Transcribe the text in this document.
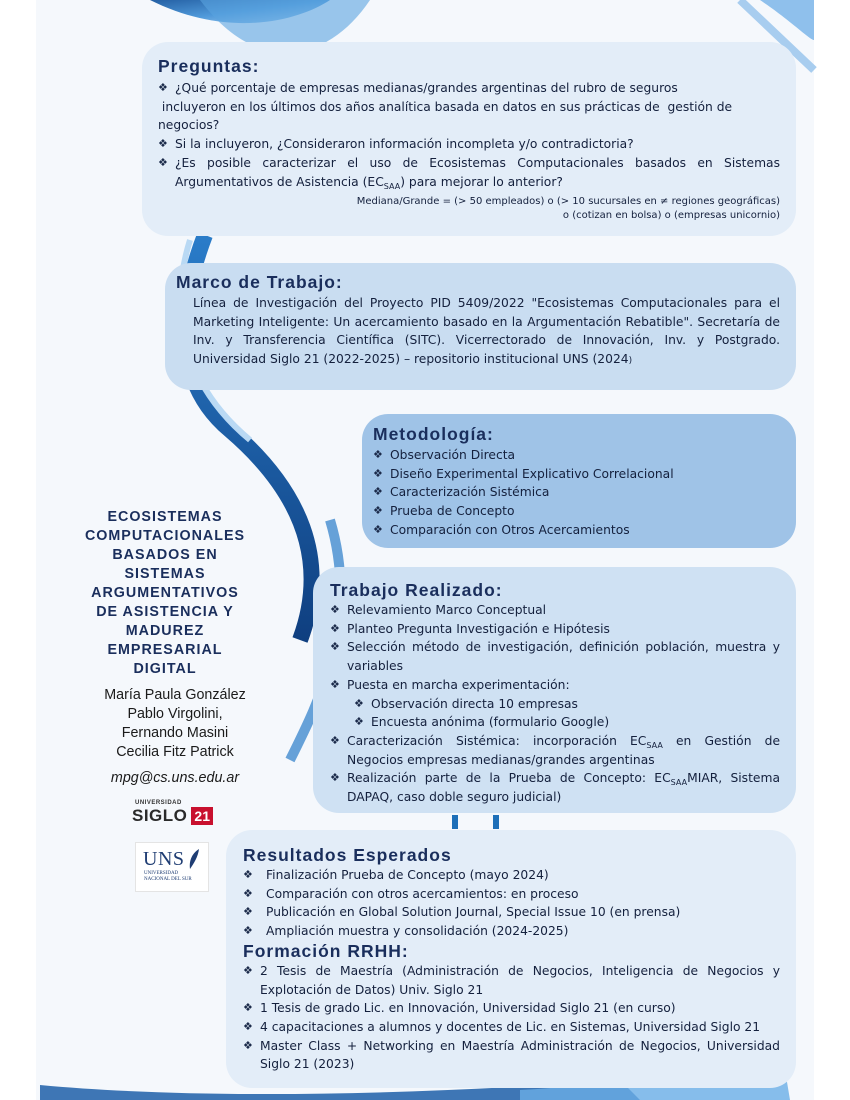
Preguntas:
❖ ¿Qué porcentaje de empresas medianas/grandes argentinas del rubro de seguros
incluyeron en los últimos dos años analítica basada en datos en sus prácticas de  gestión de
negocios?
❖ Si la incluyeron, ¿Consideraron información incompleta y/o contradictoria?
❖ ¿Es posible caracterizar el uso de Ecosistemas Computacionales basados en Sistemas Argumentativos de Asistencia $(EC_{SAA})$ para mejorar lo anterior?
Mediana/Grande = (> 50 empleados) o (> 10 sucursales en ≠ regiones geográficas)
o (cotizan en bolsa) o (empresas unicornio)
Marco de Trabajo:
Línea de Investigación del Proyecto PID 5409/2022 "Ecosistemas Computacionales para el Marketing Inteligente: Un acercamiento basado en la Argumentación Rebatible". Secretaría de Inv. y Transferencia Científica (SITC). Vicerrectorado de Innovación, Inv. y Postgrado. Universidad Siglo 21 (2022-2025) – repositorio institucional UNS (2024)
Metodología:
❖ Observación Directa
❖ Diseño Experimental Explicativo Correlacional
❖ Caracterización Sistémica
❖ Prueba de Concepto
❖ Comparación con Otros Acercamientos
ECOSISTEMAS
COMPUTACIONALES
BASADOS EN
SISTEMAS
ARGUMENTATIVOS
DE ASISTENCIA Y
MADUREZ
EMPRESARIAL
DIGITAL
María Paula González
Pablo Virgolini,
Fernando Masini
Cecilia Fitz Patrick
mpg@cs.uns.edu.ar
UNIVERSIDAD
SIGLO 21
UNS
UNIVERSIDAD
NACIONAL DEL SUR
Trabajo Realizado:
❖ Relevamiento Marco Conceptual
❖ Planteo Pregunta Investigación e Hipótesis
❖ Selección método de investigación, definición población, muestra y variables
❖ Puesta en marcha experimentación:
❖ Observación directa 10 empresas
❖ Encuesta anónima (formulario Google)
❖ Caracterización Sistémica: incorporación $EC_{SAA}$ en Gestión de Negocios empresas medianas/grandes argentinas
❖ Realización parte de la Prueba de Concepto: $EC_{SAA}MIAR$, Sistema DAPAQ, caso doble seguro judicial)
Resultados Esperados
❖ Finalización Prueba de Concepto (mayo 2024)
❖ Comparación con otros acercamientos: en proceso
❖ Publicación en Global Solution Journal, Special Issue 10 (en prensa)
❖ Ampliación muestra y consolidación (2024-2025)
Formación RRHH:
❖ 2 Tesis de Maestría (Administración de Negocios, Inteligencia de Negocios y Explotación de Datos) Univ. Siglo 21
❖ 1 Tesis de grado Lic. en Innovación, Universidad Siglo 21 (en curso)
❖ 4 capacitaciones a alumnos y docentes de Lic. en Sistemas, Universidad Siglo 21
❖ Master Class + Networking en Maestría Administración de Negocios, Universidad Siglo 21 (2023)
